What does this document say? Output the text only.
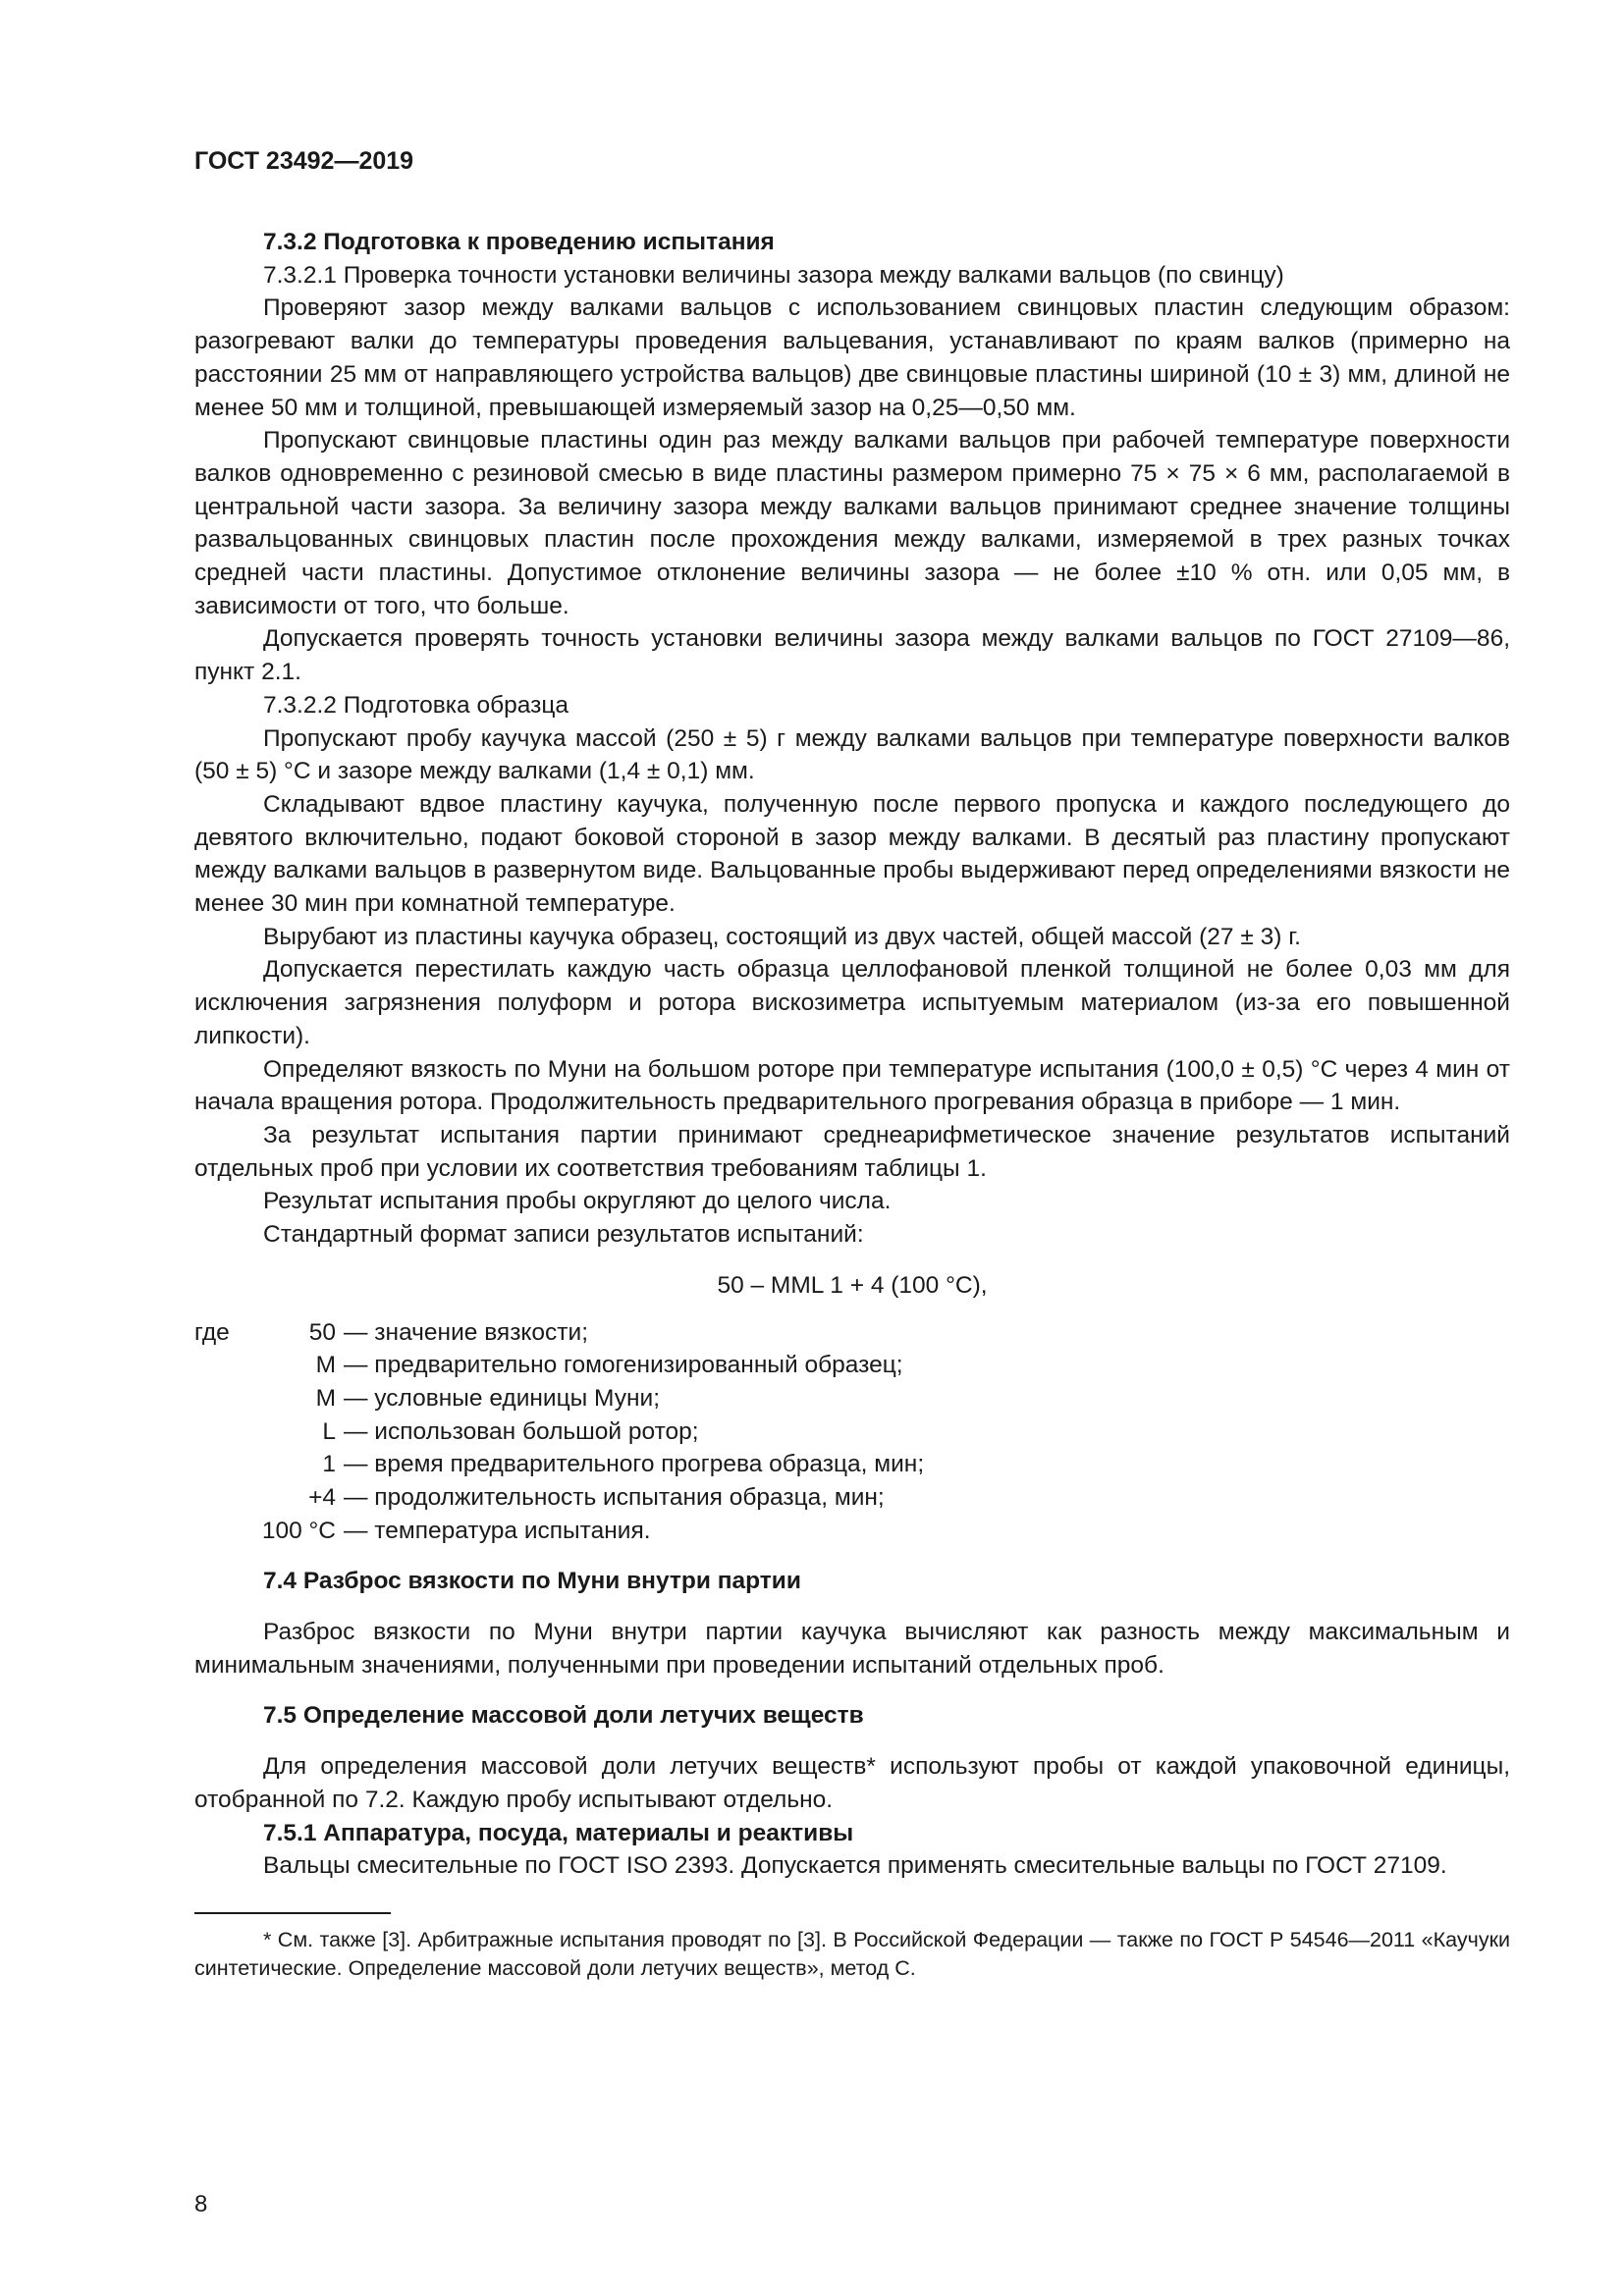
ГОСТ 23492—2019

7.3.2 Подготовка к проведению испытания

7.3.2.1 Проверка точности установки величины зазора между валками вальцов (по свинцу)

Проверяют зазор между валками вальцов с использованием свинцовых пластин следующим образом: разогревают валки до температуры проведения вальцевания, устанавливают по краям валков (примерно на расстоянии 25 мм от направляющего устройства вальцов) две свинцовые пластины шириной (10 ± 3) мм, длиной не менее 50 мм и толщиной, превышающей измеряемый зазор на 0,25—0,50 мм.

Пропускают свинцовые пластины один раз между валками вальцов при рабочей температуре поверхности валков одновременно с резиновой смесью в виде пластины размером примерно 75 × 75 × 6 мм, располагаемой в центральной части зазора. За величину зазора между валками вальцов принимают среднее значение толщины развальцованных свинцовых пластин после прохождения между валками, измеряемой в трех разных точках средней части пластины. Допустимое отклонение величины зазора — не более ±10 % отн. или 0,05 мм, в зависимости от того, что больше.

Допускается проверять точность установки величины зазора между валками вальцов по ГОСТ 27109—86, пункт 2.1.

7.3.2.2 Подготовка образца

Пропускают пробу каучука массой (250 ± 5) г между валками вальцов при температуре поверхности валков (50 ± 5) °С и зазоре между валками (1,4 ± 0,1) мм.

Складывают вдвое пластину каучука, полученную после первого пропуска и каждого последующего до девятого включительно, подают боковой стороной в зазор между валками. В десятый раз пластину пропускают между валками вальцов в развернутом виде. Вальцованные пробы выдерживают перед определениями вязкости не менее 30 мин при комнатной температуре.

Вырубают из пластины каучука образец, состоящий из двух частей, общей массой (27 ± 3) г.

Допускается перестилать каждую часть образца целлофановой пленкой толщиной не более 0,03 мм для исключения загрязнения полуформ и ротора вискозиметра испытуемым материалом (из-за его повышенной липкости).

Определяют вязкость по Муни на большом роторе при температуре испытания (100,0 ± 0,5) °С через 4 мин от начала вращения ротора. Продолжительность предварительного прогревания образца в приборе — 1 мин.

За результат испытания партии принимают среднеарифметическое значение результатов испытаний отдельных проб при условии их соответствия требованиям таблицы 1.

Результат испытания пробы округляют до целого числа.

Стандартный формат записи результатов испытаний:

50 – MML 1 + 4 (100 °С),

где	50 — значение вязкости;
M — предварительно гомогенизированный образец;
M — условные единицы Муни;
L — использован большой ротор;
1 — время предварительного прогрева образца, мин;
+4 — продолжительность испытания образца, мин;
100 °С — температура испытания.

7.4 Разброс вязкости по Муни внутри партии

Разброс вязкости по Муни внутри партии каучука вычисляют как разность между максимальным и минимальным значениями, полученными при проведении испытаний отдельных проб.

7.5 Определение массовой доли летучих веществ

Для определения массовой доли летучих веществ* используют пробы от каждой упаковочной единицы, отобранной по 7.2. Каждую пробу испытывают отдельно.

7.5.1 Аппаратура, посуда, материалы и реактивы

Вальцы смесительные по ГОСТ ISO 2393. Допускается применять смесительные вальцы по ГОСТ 27109.

* См. также [3]. Арбитражные испытания проводят по [3]. В Российской Федерации — также по ГОСТ Р 54546—2011 «Каучуки синтетические. Определение массовой доли летучих веществ», метод С.

8
